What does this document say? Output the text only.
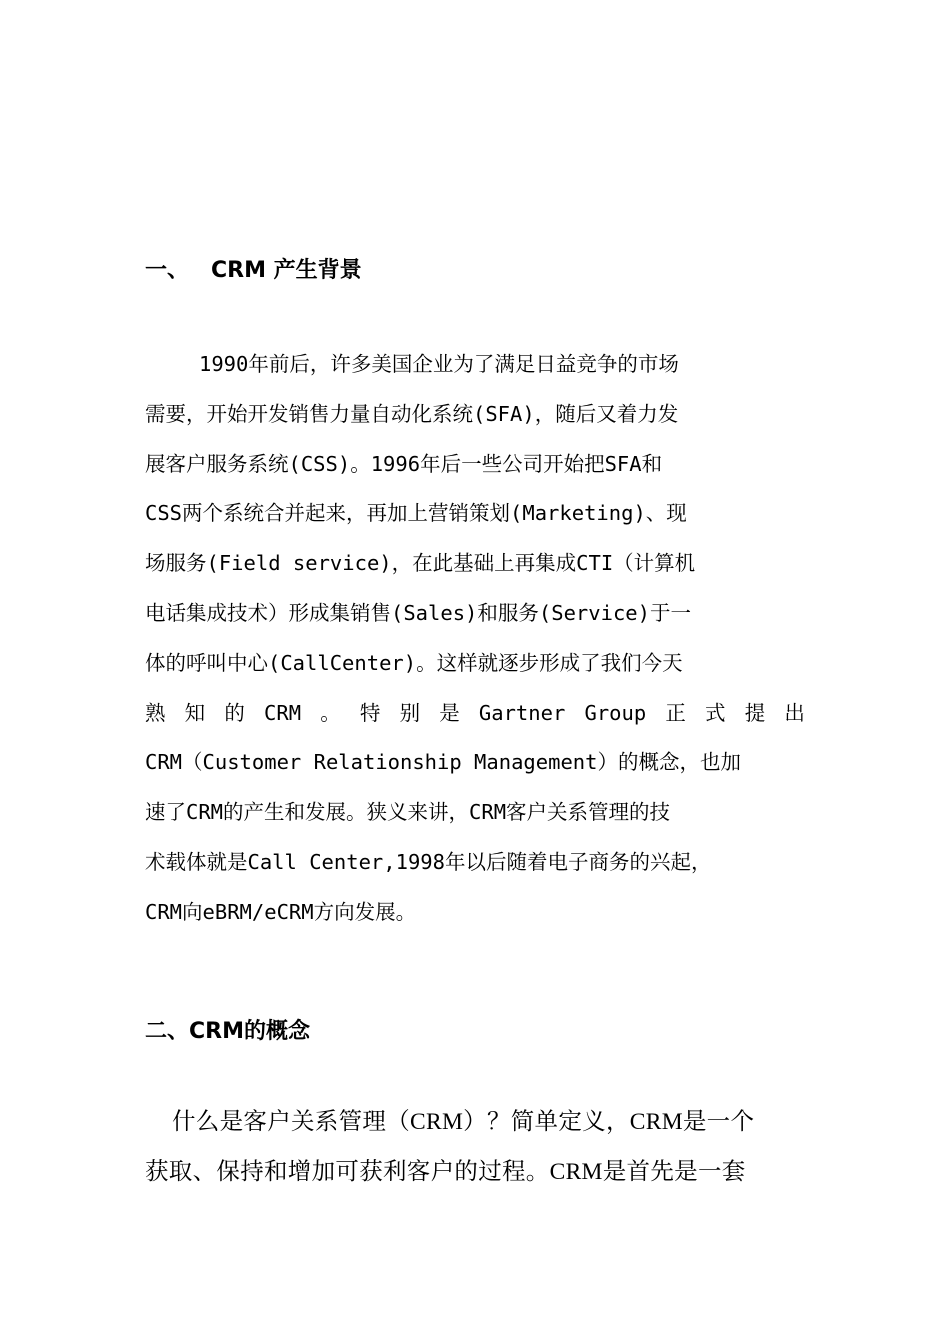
一、 CRM 产生背景
1990年前后，许多美国企业为了满足日益竞争的市场
需要，开始开发销售力量自动化系统(SFA)，随后又着力发
展客户服务系统(CSS)。1996年后一些公司开始把SFA和
CSS两个系统合并起来，再加上营销策划(Marketing)、现
场服务(Field service)，在此基础上再集成CTI（计算机
电话集成技术）形成集销售(Sales)和服务(Service)于一
体的呼叫中心(CallCenter)。这样就逐步形成了我们今天
熟 知 的 CRM 。 特 别 是 Gartner Group 正 式 提 出
CRM（Customer Relationship Management）的概念，也加
速了CRM的产生和发展。狭义来讲，CRM客户关系管理的技
术载体就是Call Center,1998年以后随着电子商务的兴起，
CRM向eBRM/eCRM方向发展。
二、CRM的概念
什么是客户关系管理（CRM）？简单定义，CRM是一个
获取、保持和增加可获利客户的过程。CRM是首先是一套
